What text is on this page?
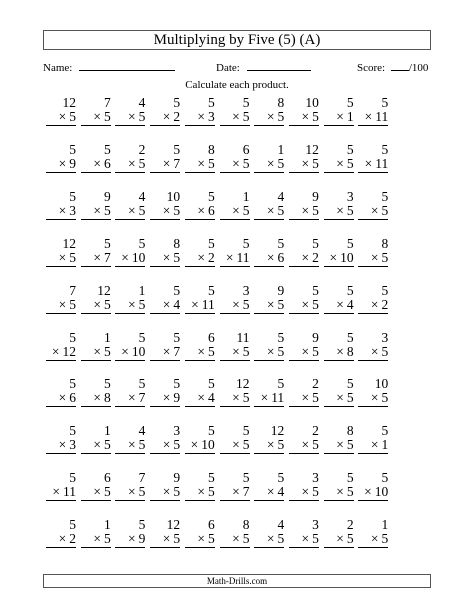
Multiplying by Five (5) (A)
Name:	Date:	Score: /100
Calculate each product.
12
× 5
7
× 5
4
× 5
5
× 2
5
× 3
5
× 5
8
× 5
10
× 5
5
× 1
5
× 11
5
× 9
5
× 6
2
× 5
5
× 7
8
× 5
6
× 5
1
× 5
12
× 5
5
× 5
5
× 11
5
× 3
9
× 5
4
× 5
10
× 5
5
× 6
1
× 5
4
× 5
9
× 5
3
× 5
5
× 5
12
× 5
5
× 7
5
× 10
8
× 5
5
× 2
5
× 11
5
× 6
5
× 2
5
× 10
8
× 5
7
× 5
12
× 5
1
× 5
5
× 4
5
× 11
3
× 5
9
× 5
5
× 5
5
× 4
5
× 2
5
× 12
1
× 5
5
× 10
5
× 7
6
× 5
11
× 5
5
× 5
9
× 5
5
× 8
3
× 5
5
× 6
5
× 8
5
× 7
5
× 9
5
× 4
12
× 5
5
× 11
2
× 5
5
× 5
10
× 5
5
× 3
1
× 5
4
× 5
3
× 5
5
× 10
5
× 5
12
× 5
2
× 5
8
× 5
5
× 1
5
× 11
6
× 5
7
× 5
9
× 5
5
× 5
5
× 7
5
× 4
3
× 5
5
× 5
5
× 10
5
× 2
1
× 5
5
× 9
12
× 5
6
× 5
8
× 5
4
× 5
3
× 5
2
× 5
1
× 5
Math-Drills.com
